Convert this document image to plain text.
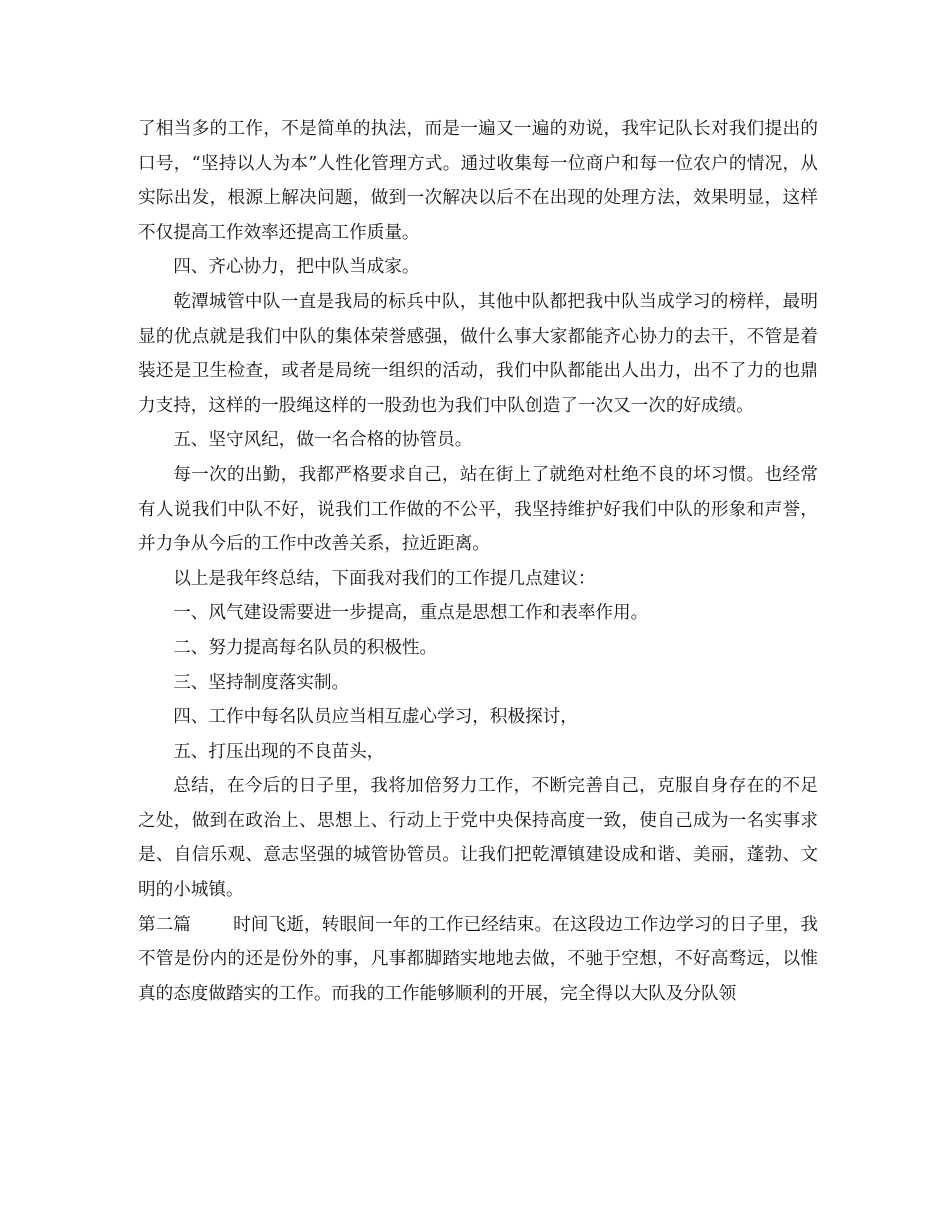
了相当多的工作，不是简单的执法，而是一遍又一遍的劝说，我牢记队长对我们提出的口号，“坚持以人为本”人性化管理方式。通过收集每一位商户和每一位农户的情况，从实际出发，根源上解决问题，做到一次解决以后不在出现的处理方法，效果明显，这样不仅提高工作效率还提高工作质量。

四、齐心协力，把中队当成家。

乾潭城管中队一直是我局的标兵中队，其他中队都把我中队当成学习的榜样，最明显的优点就是我们中队的集体荣誉感强，做什么事大家都能齐心协力的去干，不管是着装还是卫生检查，或者是局统一组织的活动，我们中队都能出人出力，出不了力的也鼎力支持，这样的一股绳这样的一股劲也为我们中队创造了一次又一次的好成绩。

五、坚守风纪，做一名合格的协管员。

每一次的出勤，我都严格要求自己，站在街上了就绝对杜绝不良的坏习惯。也经常有人说我们中队不好，说我们工作做的不公平，我坚持维护好我们中队的形象和声誉，并力争从今后的工作中改善关系，拉近距离。

以上是我年终总结，下面我对我们的工作提几点建议：

一、风气建设需要进一步提高，重点是思想工作和表率作用。

二、努力提高每名队员的积极性。

三、坚持制度落实制。

四、工作中每名队员应当相互虚心学习，积极探讨，

五、打压出现的不良苗头，

总结，在今后的日子里，我将加倍努力工作，不断完善自己，克服自身存在的不足之处，做到在政治上、思想上、行动上于党中央保持高度一致，使自己成为一名实事求是、自信乐观、意志坚强的城管协管员。让我们把乾潭镇建设成和谐、美丽，蓬勃、文明的小城镇。

第二篇 时间飞逝，转眼间一年的工作已经结束。在这段边工作边学习的日子里，我不管是份内的还是份外的事，凡事都脚踏实地地去做，不驰于空想，不好高骛远，以惟真的态度做踏实的工作。而我的工作能够顺利的开展，完全得以大队及分队领
